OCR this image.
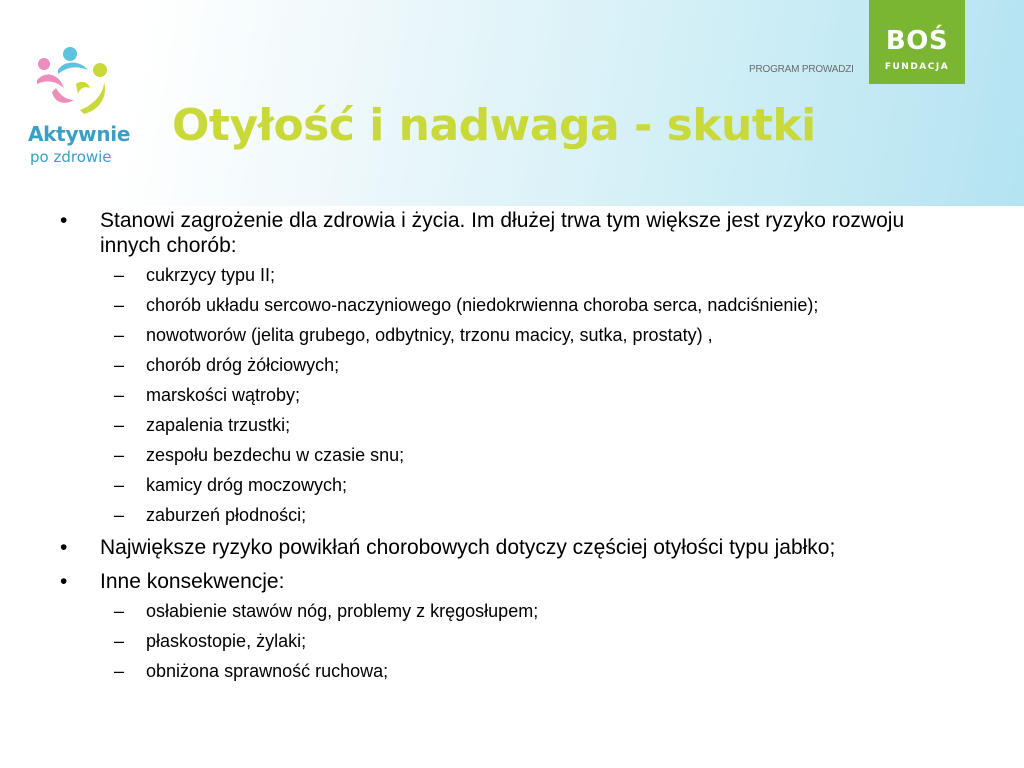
Aktywnie
po zdrowie
PROGRAM PROWADZI
BOŚ
FUNDACJA
Otyłość i nadwaga - skutki
• Stanowi zagrożenie dla zdrowia i życia. Im dłużej trwa tym większe jest ryzyko rozwoju innych chorób:
– cukrzycy typu II;
– chorób układu sercowo-naczyniowego (niedokrwienna choroba serca, nadciśnienie);
– nowotworów (jelita grubego, odbytnicy, trzonu macicy, sutka, prostaty) ,
– chorób dróg żółciowych;
– marskości wątroby;
– zapalenia trzustki;
– zespołu bezdechu w czasie snu;
– kamicy dróg moczowych;
– zaburzeń płodności;
• Największe ryzyko powikłań chorobowych dotyczy częściej otyłości typu jabłko;
• Inne konsekwencje:
– osłabienie stawów nóg, problemy z kręgosłupem;
– płaskostopie, żylaki;
– obniżona sprawność ruchowa;
